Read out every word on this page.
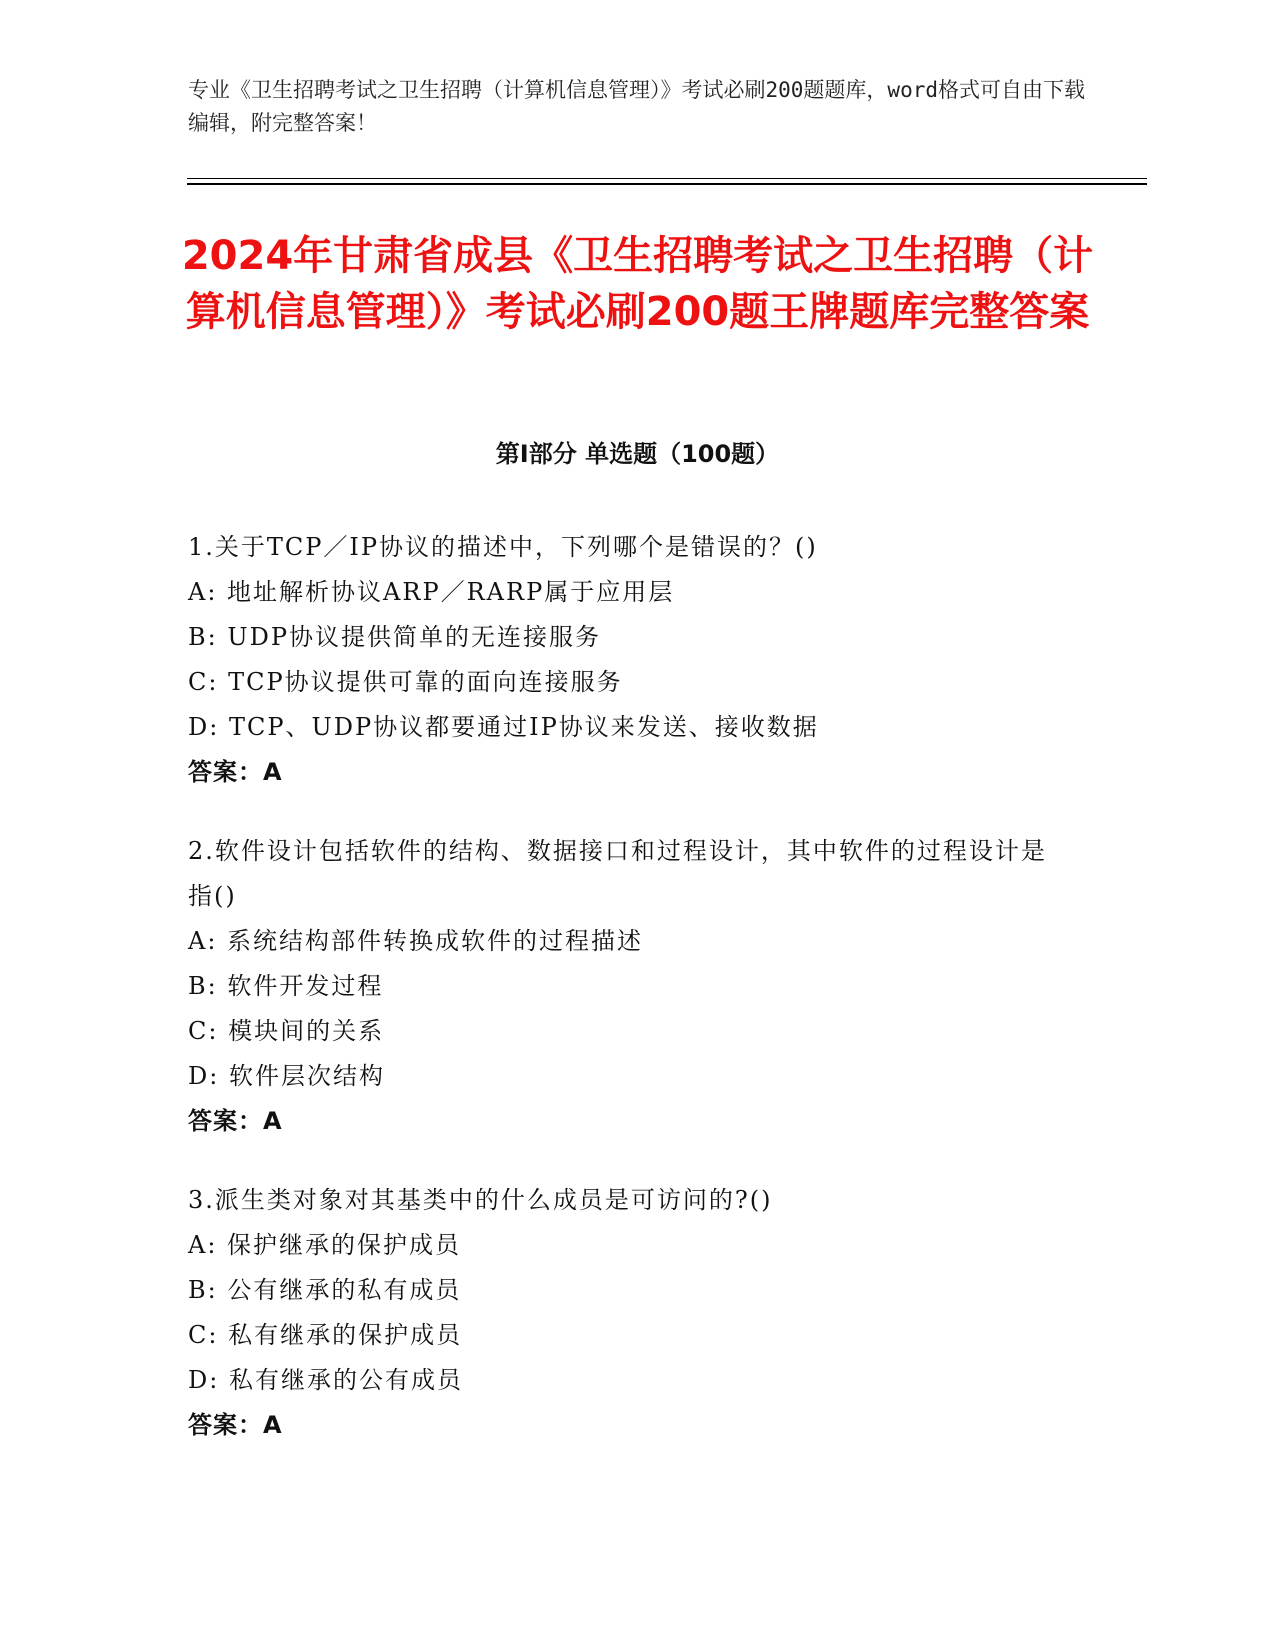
专业《卫生招聘考试之卫生招聘（计算机信息管理）》考试必刷200题题库，word格式可自由下载编辑，附完整答案！
2024年甘肃省成县《卫生招聘考试之卫生招聘（计算机信息管理）》考试必刷200题王牌题库完整答案
第Ⅰ部分 单选题（100题）
1.关于TCP／IP协议的描述中，下列哪个是错误的？()
A: 地址解析协议ARP／RARP属于应用层
B: UDP协议提供简单的无连接服务
C: TCP协议提供可靠的面向连接服务
D: TCP、UDP协议都要通过IP协议来发送、接收数据
答案：A
2.软件设计包括软件的结构、数据接口和过程设计，其中软件的过程设计是指()
A: 系统结构部件转换成软件的过程描述
B: 软件开发过程
C: 模块间的关系
D: 软件层次结构
答案：A
3.派生类对象对其基类中的什么成员是可访问的?()
A: 保护继承的保护成员
B: 公有继承的私有成员
C: 私有继承的保护成员
D: 私有继承的公有成员
答案：A
